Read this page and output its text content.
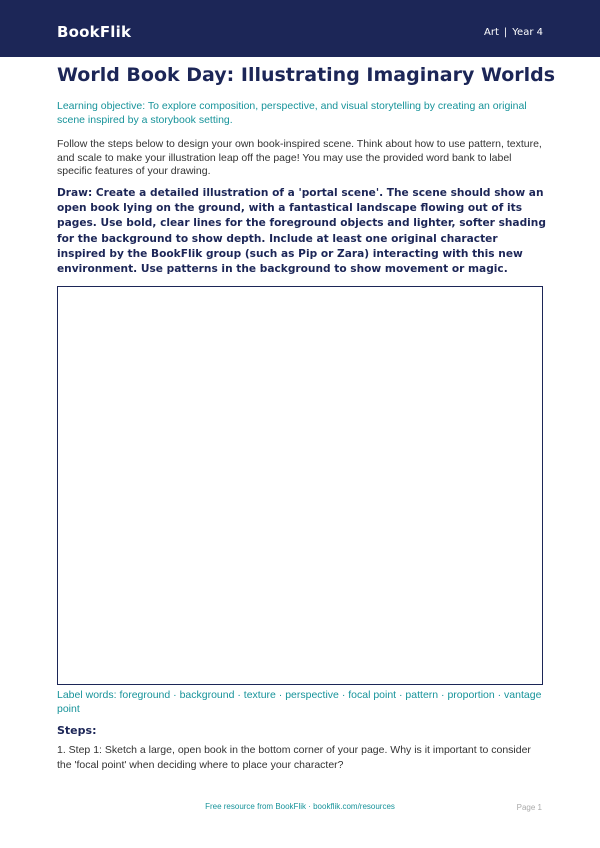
BookFlik	Art | Year 4
World Book Day: Illustrating Imaginary Worlds
Learning objective: To explore composition, perspective, and visual storytelling by creating an original scene inspired by a storybook setting.
Follow the steps below to design your own book-inspired scene. Think about how to use pattern, texture, and scale to make your illustration leap off the page! You may use the provided word bank to label specific features of your drawing.
Draw: Create a detailed illustration of a 'portal scene'. The scene should show an open book lying on the ground, with a fantastical landscape flowing out of its pages. Use bold, clear lines for the foreground objects and lighter, softer shading for the background to show depth. Include at least one original character inspired by the BookFlik group (such as Pip or Zara) interacting with this new environment. Use patterns in the background to show movement or magic.
Label words: foreground · background · texture · perspective · focal point · pattern · proportion · vantage point
Steps:
1. Step 1: Sketch a large, open book in the bottom corner of your page. Why is it important to consider the 'focal point' when deciding where to place your character?
Free resource from BookFlik · bookflik.com/resources	Page 1
